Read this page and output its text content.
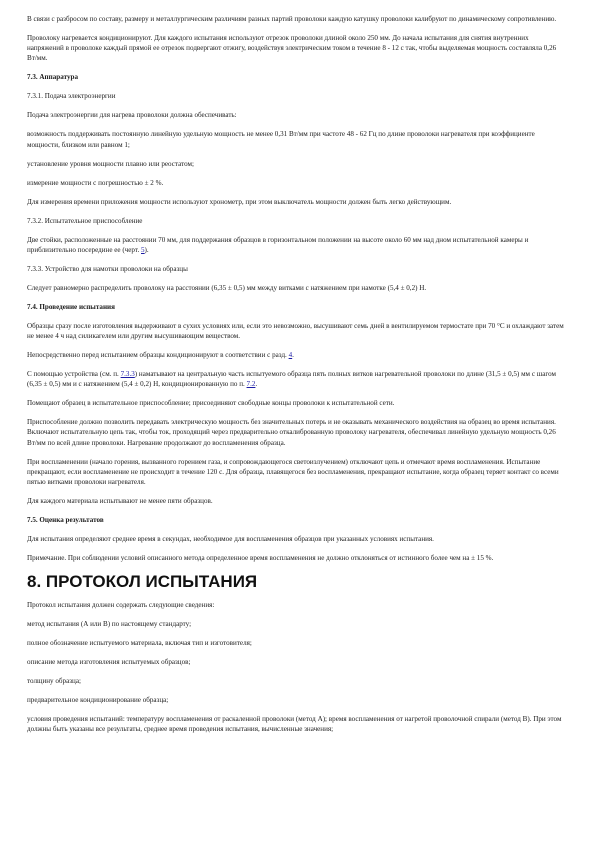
В связи с разбросом по составу, размеру и металлургическим различиям разных партий проволоки каждую катушку проволоки калибруют по динамическому сопротивлению.

Проволоку нагревается кондиционируют. Для каждого испытания используют отрезок проволоки длиной около 250 мм. До начала испытания для снятия внутренних напряжений в проволоке каждый прямой ее отрезок подвергают отжигу, воздействуя электрическим током в течение 8 - 12 с так, чтобы выделяемая мощность составляла 0,26 Вт/мм.

7.3. Аппаратура

7.3.1. Подача электроэнергии

Подача электроэнергии для нагрева проволоки должна обеспечивать:

возможность поддерживать постоянную линейную удельную мощность не менее 0,31 Вт/мм при частоте 48 - 62 Гц по длине проволоки нагревателя при коэффициенте мощности, близком или равном 1;

установление уровня мощности плавно или реостатом;

измерение мощности с погрешностью ± 2 %.

Для измерения времени приложения мощности используют хронометр, при этом выключатель мощности должен быть легко действующим.

7.3.2. Испытательное приспособление

Две стойки, расположенные на расстоянии 70 мм, для поддержания образцов в горизонтальном положении на высоте около 60 мм над дном испытательной камеры и приблизительно посередине ее (черт. 5).

7.3.3. Устройство для намотки проволоки на образцы

Следует равномерно распределить проволоку на расстоянии (6,35 ± 0,5) мм между витками с натяжением при намотке (5,4 ± 0,2) Н.

7.4. Проведение испытания

Образцы сразу после изготовления выдерживают в сухих условиях или, если это невозможно, высушивают семь дней в вентилируемом термостате при 70 °С и охлаждают затем не менее 4 ч над силикагелем или другим высушивающим веществом.

Непосредственно перед испытанием образцы кондиционируют в соответствии с разд. 4.

С помощью устройства (см. п. 7.3.3) наматывают на центральную часть испытуемого образца пять полных витков нагревательной проволоки по длине (31,5 ± 0,5) мм с шагом (6,35 ± 0,5) мм и с натяжением (5,4 ± 0,2) Н, кондиционированную по п. 7.2.

Помещают образец в испытательное приспособление; присоединяют свободные концы проволоки к испытательной сети.

Приспособление должно позволить передавать электрическую мощность без значительных потерь и не оказывать механического воздействия на образец во время испытания. Включают испытательную цепь так, чтобы ток, проходящий через предварительно откалиброванную проволоку нагревателя, обеспечивал линейную удельную мощность 0,26 Вт/мм по всей длине проволоки. Нагревание продолжают до воспламенения образца.

При воспламенении (начало горения, вызванного горением газа, и сопровождающегося светоизлучением) отключают цепь и отмечают время воспламенения. Испытание прекращают, если воспламенение не происходит в течение 120 с. Для образца, плавящегося без воспламенения, прекращают испытание, когда образец теряет контакт со всеми пятью витками проволоки нагревателя.

Для каждого материала испытывают не менее пяти образцов.

7.5. Оценка результатов

Для испытания определяют среднее время в секундах, необходимое для воспламенения образцов при указанных условиях испытания.

Примечание. При соблюдении условий описанного метода определенное время воспламенения не должно отклоняться от истинного более чем на ± 15 %.

8. ПРОТОКОЛ ИСПЫТАНИЯ

Протокол испытания должен содержать следующие сведения:

метод испытания (А или В) по настоящему стандарту;

полное обозначение испытуемого материала, включая тип и изготовителя;

описание метода изготовления испытуемых образцов;

толщину образца;

предварительное кондиционирование образца;

условия проведения испытаний: температуру воспламенения от раскаленной проволоки (метод А); время воспламенения от нагретой проволочной спирали (метод В). При этом должны быть указаны все результаты, среднее время проведения испытания, вычисленные значения;
